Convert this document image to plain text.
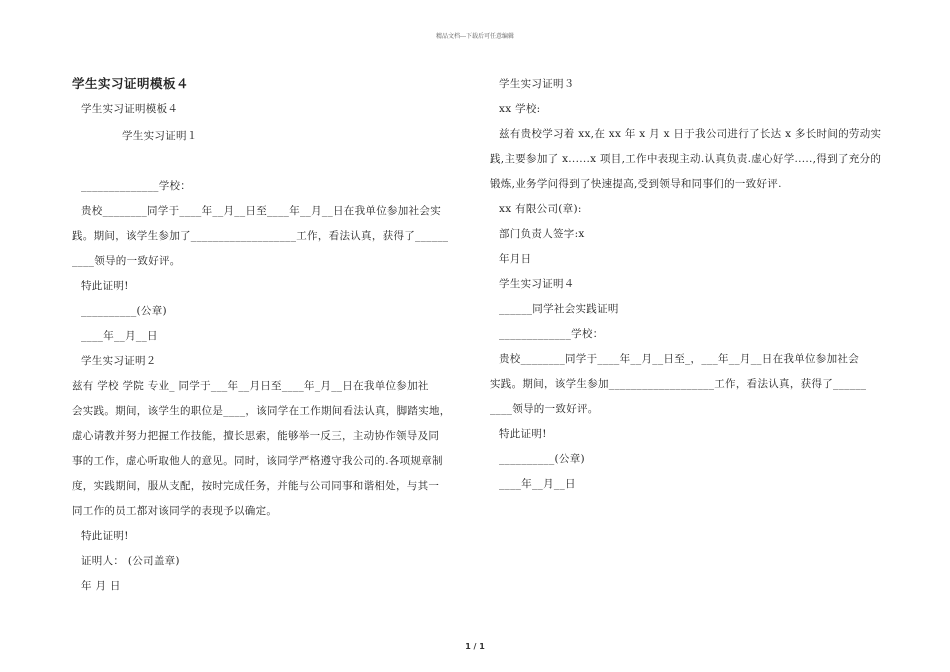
精品文档---下载后可任意编辑
学生实习证明模板４
学生实习证明模板４
学生实习证明１
______________学校：
贵校________同学于____年__月__日至____年__月__日在我单位参加社会实
践。期间，该学生参加了___________________工作，看法认真，获得了______
____领导的一致好评。
特此证明!
__________(公章)
____年__月__日
学生实习证明２
兹有 学校 学院 专业_ 同学于___年__月日至____年_月__日在我单位参加社
会实践。期间，该学生的职位是____，该同学在工作期间看法认真，脚踏实地，
虚心请教并努力把握工作技能，擅长思索，能够举一反三，主动协作领导及同
事的工作，虚心听取他人的意见。同时，该同学严格遵守我公司的.各项规章制
度，实践期间，服从支配，按时完成任务，并能与公司同事和谐相处，与其一
同工作的员工都对该同学的表现予以确定。
特此证明!
证明人： (公司盖章)
年 月 日
学生实习证明３
xx 学校:
兹有贵校学习着 xx,在 xx 年 x 月 x 日于我公司进行了长达 x 多长时间的劳动实
践,主要参加了 x......x 项目,工作中表现主动.认真负责.虚心好学.....,得到了充分的
锻炼,业务学问得到了快速提高,受到领导和同事们的一致好评.
xx 有限公司(章):
部门负责人签字:x
年月日
学生实习证明４
______同学社会实践证明
_____________学校：
贵校________同学于____年__月__日至_，___年__月__日在我单位参加社会
实践。期间，该学生参加___________________工作，看法认真，获得了______
____领导的一致好评。
特此证明!
__________(公章)
____年__月__日
1 / 1
